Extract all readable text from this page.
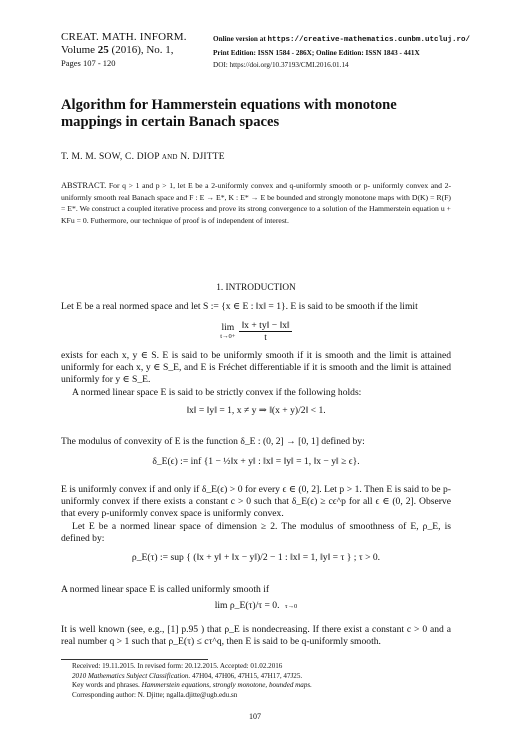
CREAT. MATH. INFORM.
Volume 25 (2016), No. 1,
Pages 107 - 120
Online version at https://creative-mathematics.cunbm.utcluj.ro/
Print Edition: ISSN 1584 - 286X; Online Edition: ISSN 1843 - 441X
DOI: https://doi.org/10.37193/CMI.2016.01.14
Algorithm for Hammerstein equations with monotone mappings in certain Banach spaces
T. M. M. SOW, C. DIOP and N. DJITTE
ABSTRACT. For q > 1 and p > 1, let E be a 2-uniformly convex and q-uniformly smooth or p- uniformly convex and 2-uniformly smooth real Banach space and F : E → E*, K : E* → E be bounded and strongly monotone maps with D(K) = R(F) = E*. We construct a coupled iterative process and prove its strong convergence to a solution of the Hammerstein equation u + KFu = 0. Futhermore, our technique of proof is of independent of interest.
1. INTRODUCTION
Let E be a real normed space and let S := {x ∈ E : ‖x‖ = 1}. E is said to be smooth if the limit
lim
$t\to 0+ \frac{‖x + ty‖ - ‖x‖}{t}$
exists for each x, y ∈ S. E is said to be uniformly smooth if it is smooth and the limit is attained uniformly for each x, y ∈ S_E, and E is Fréchet differentiable if it is smooth and the limit is attained uniformly for y ∈ S_E.
A normed linear space E is said to be strictly convex if the following holds:
‖x‖ = ‖y‖ = 1, x ≠ y ⇒ ‖(x + y)/2‖ < 1.
The modulus of convexity of E is the function δ_E : (0, 2] → [0, 1] defined by:
δ_E(ϵ) := inf {1 − ½‖x + y‖ : ‖x‖ = ‖y‖ = 1, ‖x − y‖ ≥ ϵ}.
E is uniformly convex if and only if δ_E(ϵ) > 0 for every ϵ ∈ (0, 2]. Let p > 1. Then E is said to be p-uniformly convex if there exists a constant c > 0 such that δ_E(ϵ) ≥ cϵ^p for all ϵ ∈ (0, 2]. Observe that every p-uniformly convex space is uniformly convex.
Let E be a normed linear space of dimension ≥ 2. The modulus of smoothness of E, ρ_E, is defined by:
ρ_E(τ) := sup { (‖x + y‖ + ‖x − y‖)/2 − 1 : ‖x‖ = 1, ‖y‖ = τ } ; τ > 0.
A normed linear space E is called uniformly smooth if
lim ρ_E(τ)/τ = 0. τ→0
It is well known (see, e.g., [1] p.95 ) that ρ_E is nondecreasing. If there exist a constant c > 0 and a real number q > 1 such that ρ_E(τ) ≤ cτ^q, then E is said to be q-uniformly smooth.
Received: 19.11.2015. In revised form: 20.12.2015. Accepted: 01.02.2016
2010 Mathematics Subject Classification. 47H04, 47H06, 47H15, 47H17, 47J25.
Key words and phrases. Hammerstein equations, strongly monotone, bounded maps.
Corresponding author: N. Djitte; ngalla.djitte@ugb.edu.sn
107
